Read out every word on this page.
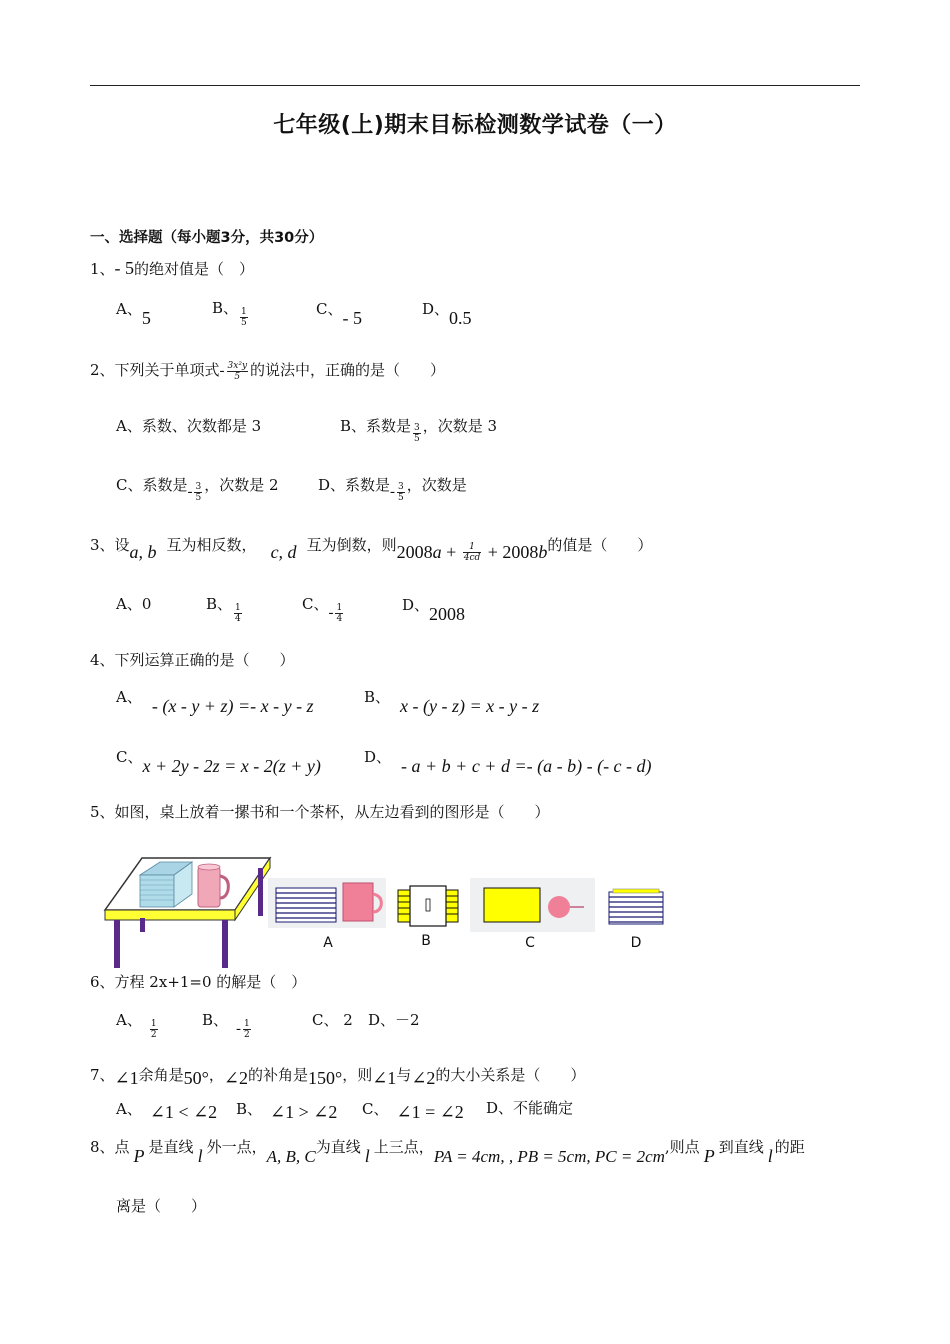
七年级(上)期末目标检测数学试卷（一）
一、选择题（每小题3分，共30分）
1、- 5的绝对值是（　）
A、5	B、 $\frac{1}{5}$	C、- 5	D、0.5
2、下列关于单项式- $\frac{\text{3x²y}}{5}$ 的说法中，正确的是（　　）
A、系数、次数都是 3	B、系数是 $\frac{3}{5}$ ，次数是 3
C、系数是- $\frac{3}{5}$ ，次数是 2	D、系数是- $\frac{3}{5}$ ，次数是
3、设a, b 互为相反数， c, d 互为倒数，则$2008a + \frac{1}{4cd} + 2008b$的值是（　　）
A、0	B、 $\frac{1}{4}$	C、- $\frac{1}{4}$	D、2008
4、下列运算正确的是（　　）
A、 - (x - y + z) =- x - y - z	B、 x - (y - z) = x - y - z
C、x + 2y - 2z = x - 2(z + y)	D、 - a + b + c + d =- (a - b) - (- c - d)
5、如图，桌上放着一摞书和一个茶杯，从左边看到的图形是（　　）
A	B	C	D
6、方程 2x+1=0 的解是（　）
A、 $\frac{1}{2}$	B、 - $\frac{1}{2}$	C、 2 D、－2
7、∠1余角是50°，∠2的补角是150°，则∠1与∠2的大小关系是（　　）
A、 ∠1 < ∠2 B、 ∠1 > ∠2 C、 ∠1 = ∠2 D、不能确定
8、点 P 是直线 l 外一点，A, B, C为直线 l 上三点，PA = 4cm, , PB = 5cm, PC = 2cm,则点 P 到直线 l 的距
离是（　　）
